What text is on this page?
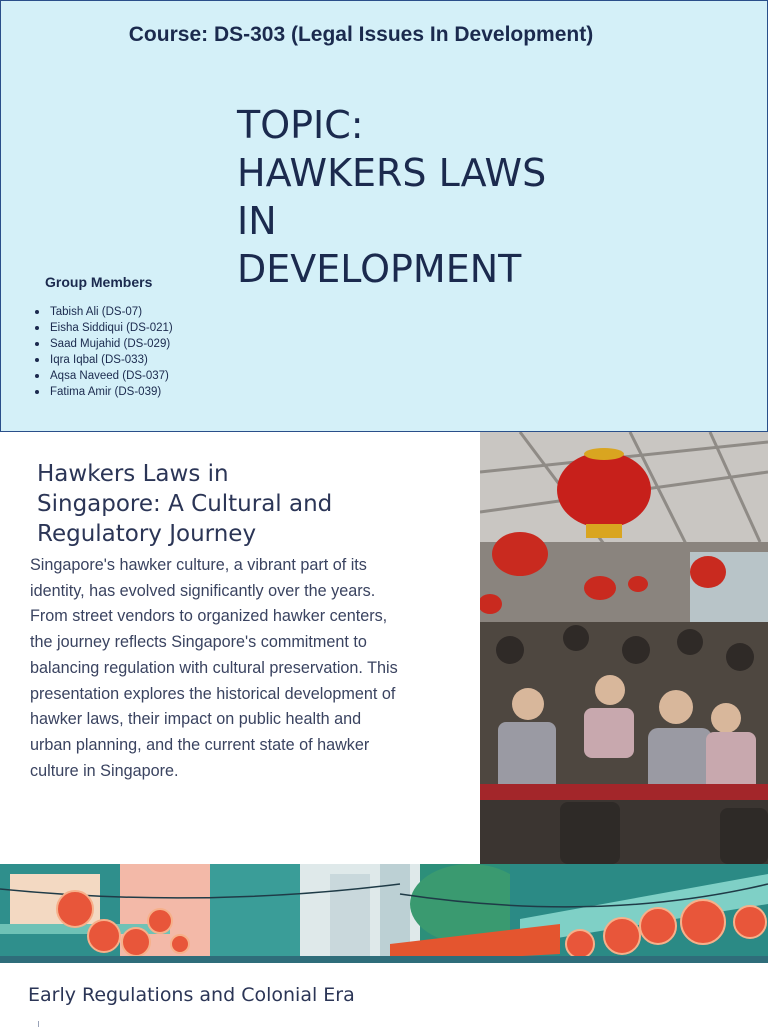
Course: DS-303 (Legal Issues In Development)
TOPIC:
HAWKERS LAWS
IN
DEVELOPMENT
Group Members
Tabish Ali (DS-07)
Eisha Siddiqui (DS-021)
Saad Mujahid (DS-029)
Iqra Iqbal (DS-033)
Aqsa Naveed (DS-037)
Fatima Amir (DS-039)
Hawkers Laws in
Singapore: A Cultural and
Regulatory Journey

Singapore's hawker culture, a vibrant part of its
identity, has evolved significantly over the years.
From street vendors to organized hawker centers,
the journey reflects Singapore's commitment to
balancing regulation with cultural preservation. This
presentation explores the historical development of
hawker laws, their impact on public health and
urban planning, and the current state of hawker
culture in Singapore.

Early Regulations and Colonial Era
